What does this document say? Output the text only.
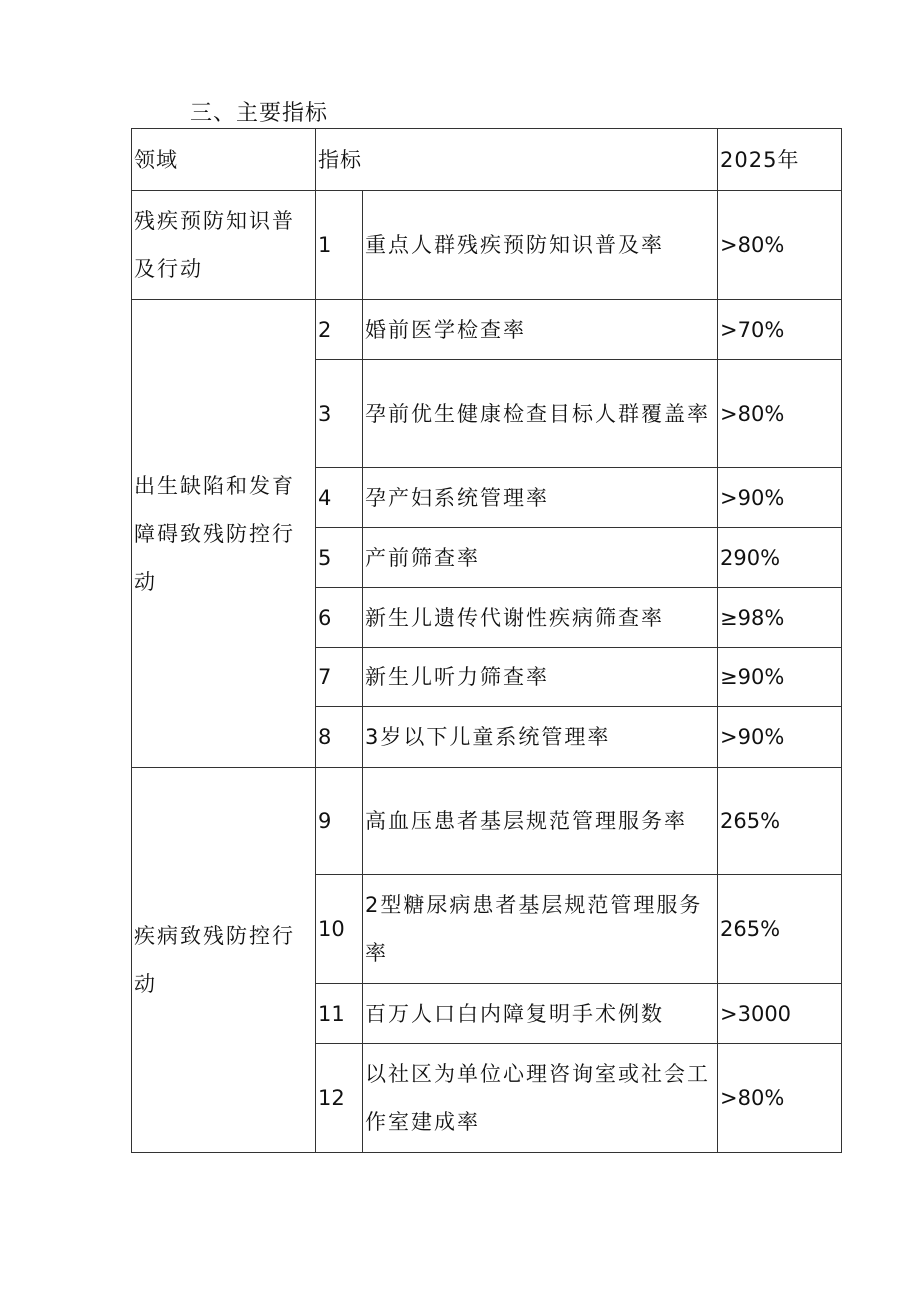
三、主要指标
领域	指标		2025年
残疾预防知识普及行动	1	重点人群残疾预防知识普及率	>80%
出生缺陷和发育障碍致残防控行动	2	婚前医学检查率	>70%
	3	孕前优生健康检查目标人群覆盖率	>80%
	4	孕产妇系统管理率	>90%
	5	产前筛查率	290%
	6	新生儿遗传代谢性疾病筛查率	≥98%
	7	新生儿听力筛查率	≥90%
	8	3岁以下儿童系统管理率	>90%
疾病致残防控行动	9	高血压患者基层规范管理服务率	265%
	10	2型糖尿病患者基层规范管理服务率	265%
	11	百万人口白内障复明手术例数	>3000
	12	以社区为单位心理咨询室或社会工作室建成率	>80%
